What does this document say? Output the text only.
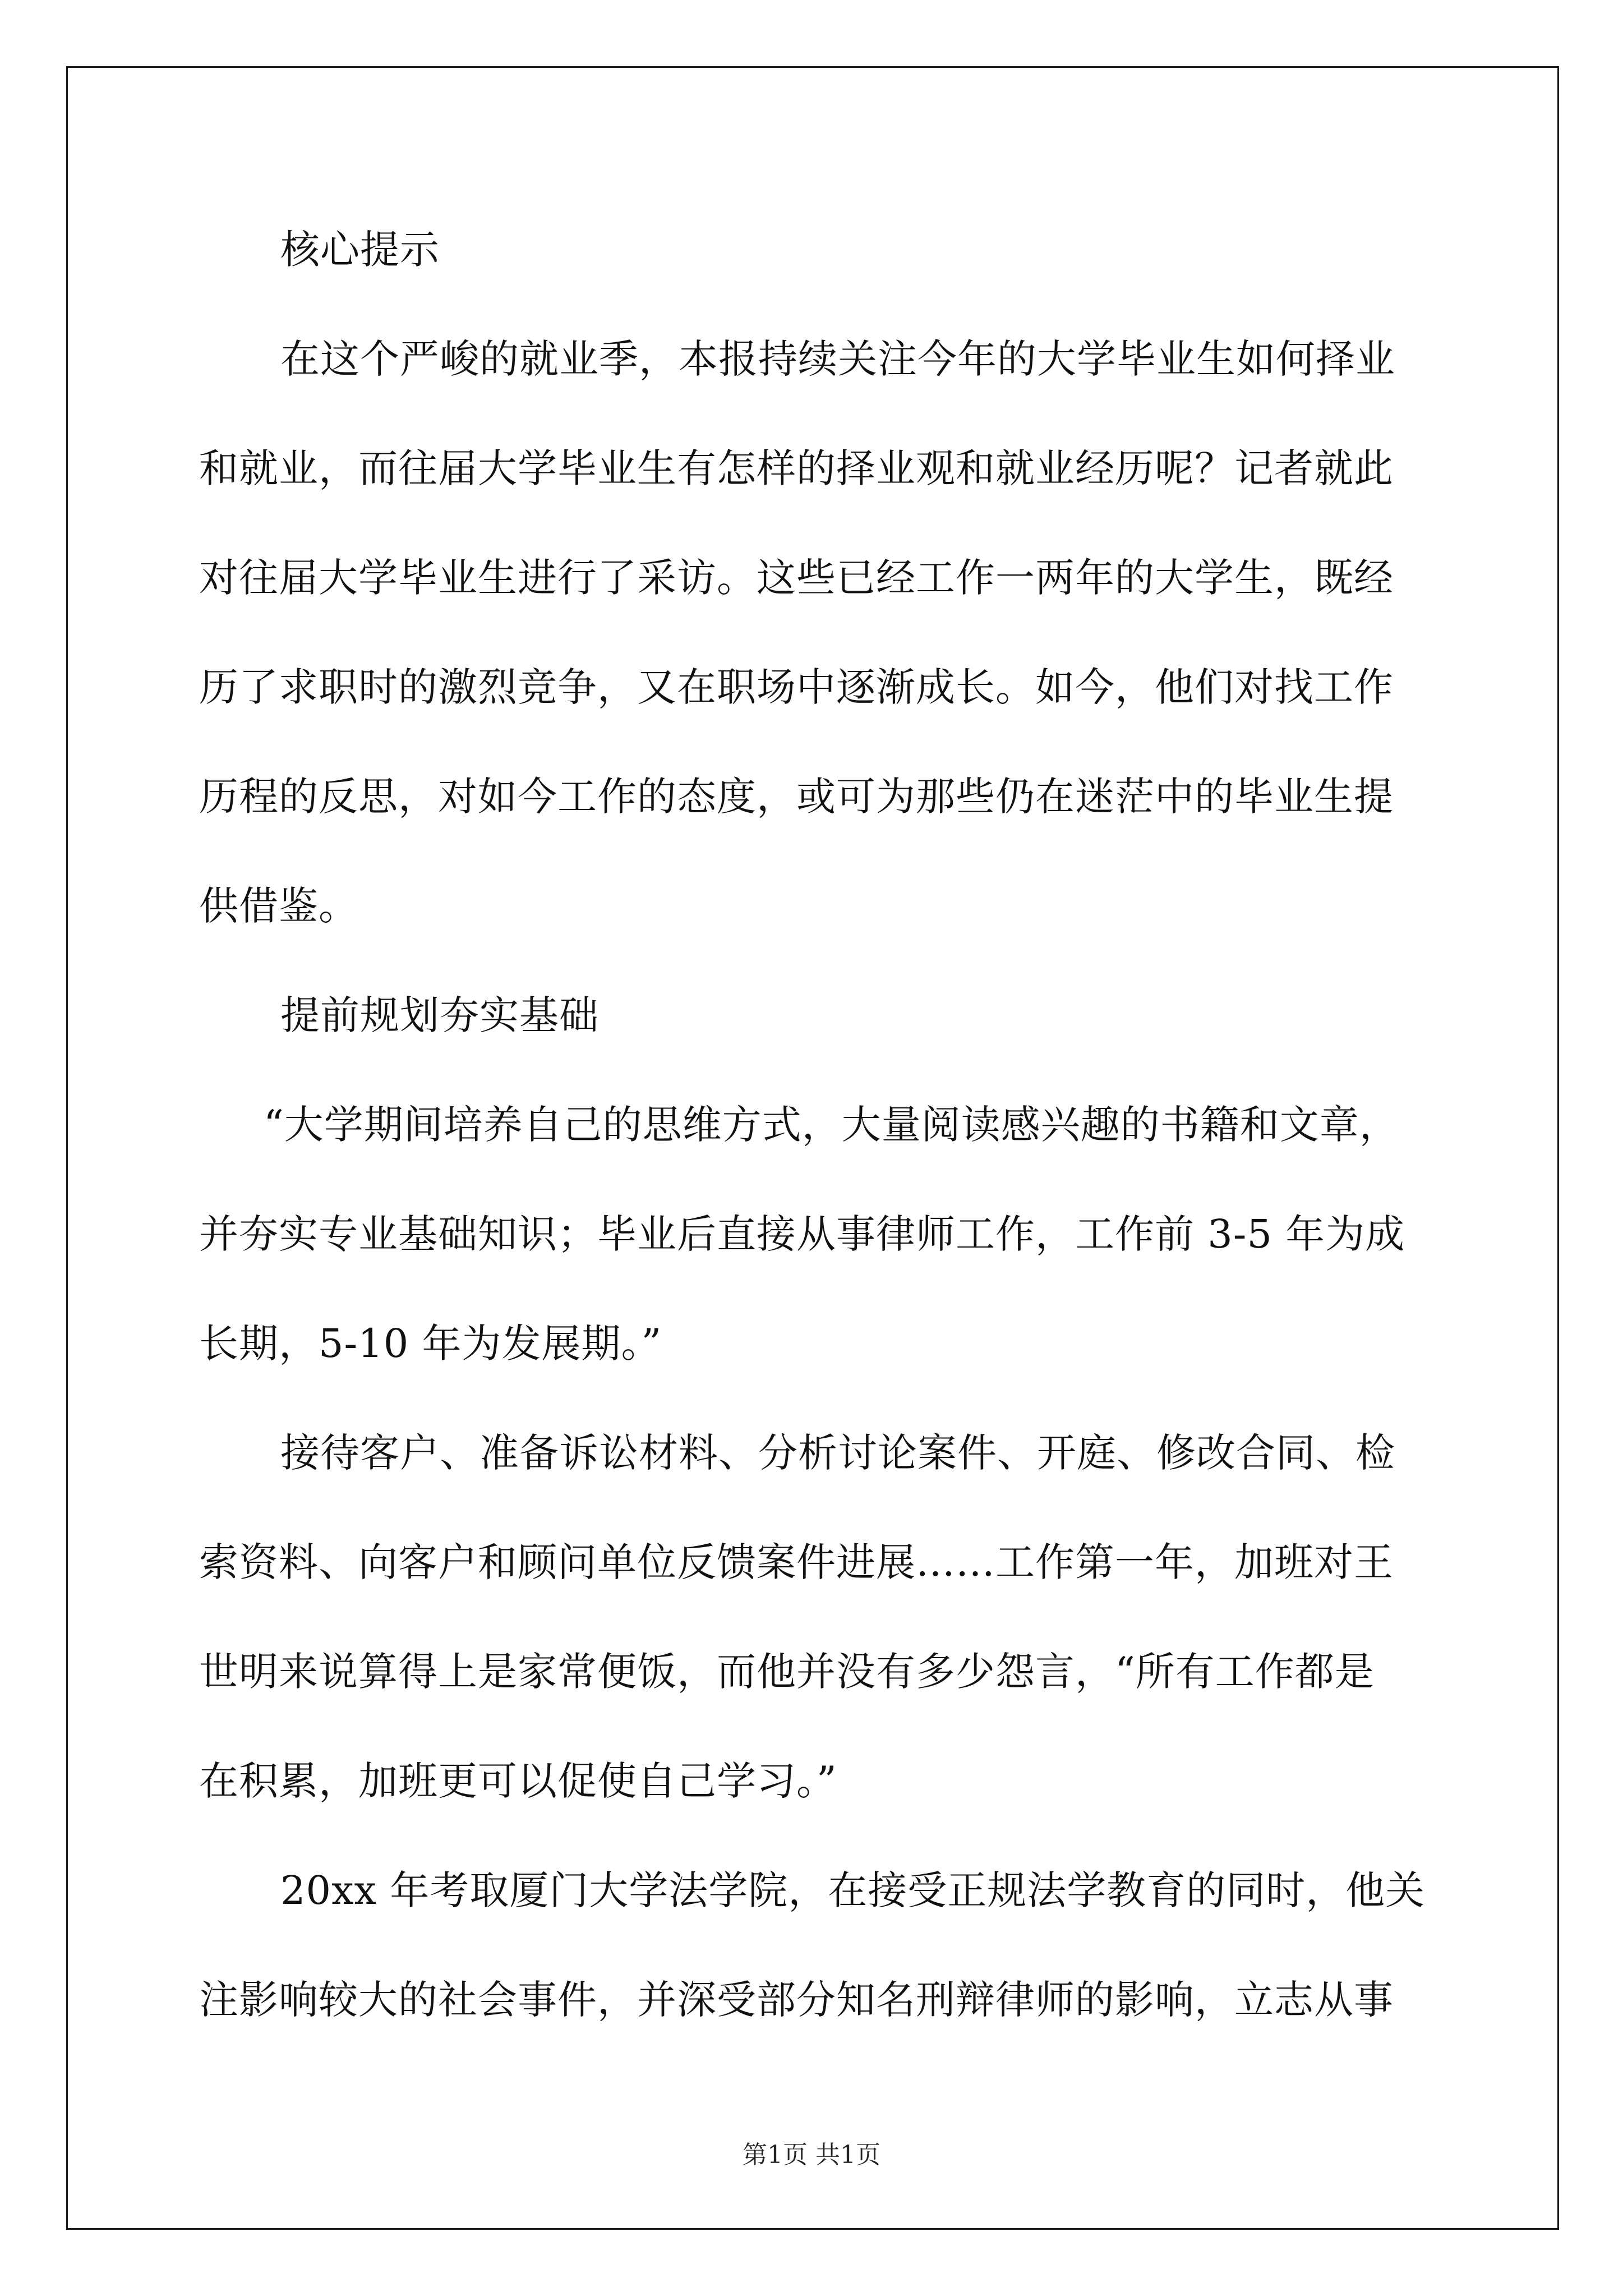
核心提示
在这个严峻的就业季，本报持续关注今年的大学毕业生如何择业
和就业，而往届大学毕业生有怎样的择业观和就业经历呢？记者就此
对往届大学毕业生进行了采访。这些已经工作一两年的大学生，既经
历了求职时的激烈竞争，又在职场中逐渐成长。如今，他们对找工作
历程的反思，对如今工作的态度，或可为那些仍在迷茫中的毕业生提
供借鉴。
提前规划夯实基础
“大学期间培养自己的思维方式，大量阅读感兴趣的书籍和文章，
并夯实专业基础知识；毕业后直接从事律师工作，工作前 3-5 年为成
长期，5-10 年为发展期。”
接待客户、准备诉讼材料、分析讨论案件、开庭、修改合同、检
索资料、向客户和顾问单位反馈案件进展……工作第一年，加班对王
世明来说算得上是家常便饭，而他并没有多少怨言，“所有工作都是
在积累，加班更可以促使自己学习。”
20xx 年考取厦门大学法学院，在接受正规法学教育的同时，他关
注影响较大的社会事件，并深受部分知名刑辩律师的影响，立志从事
第1页 共1页
